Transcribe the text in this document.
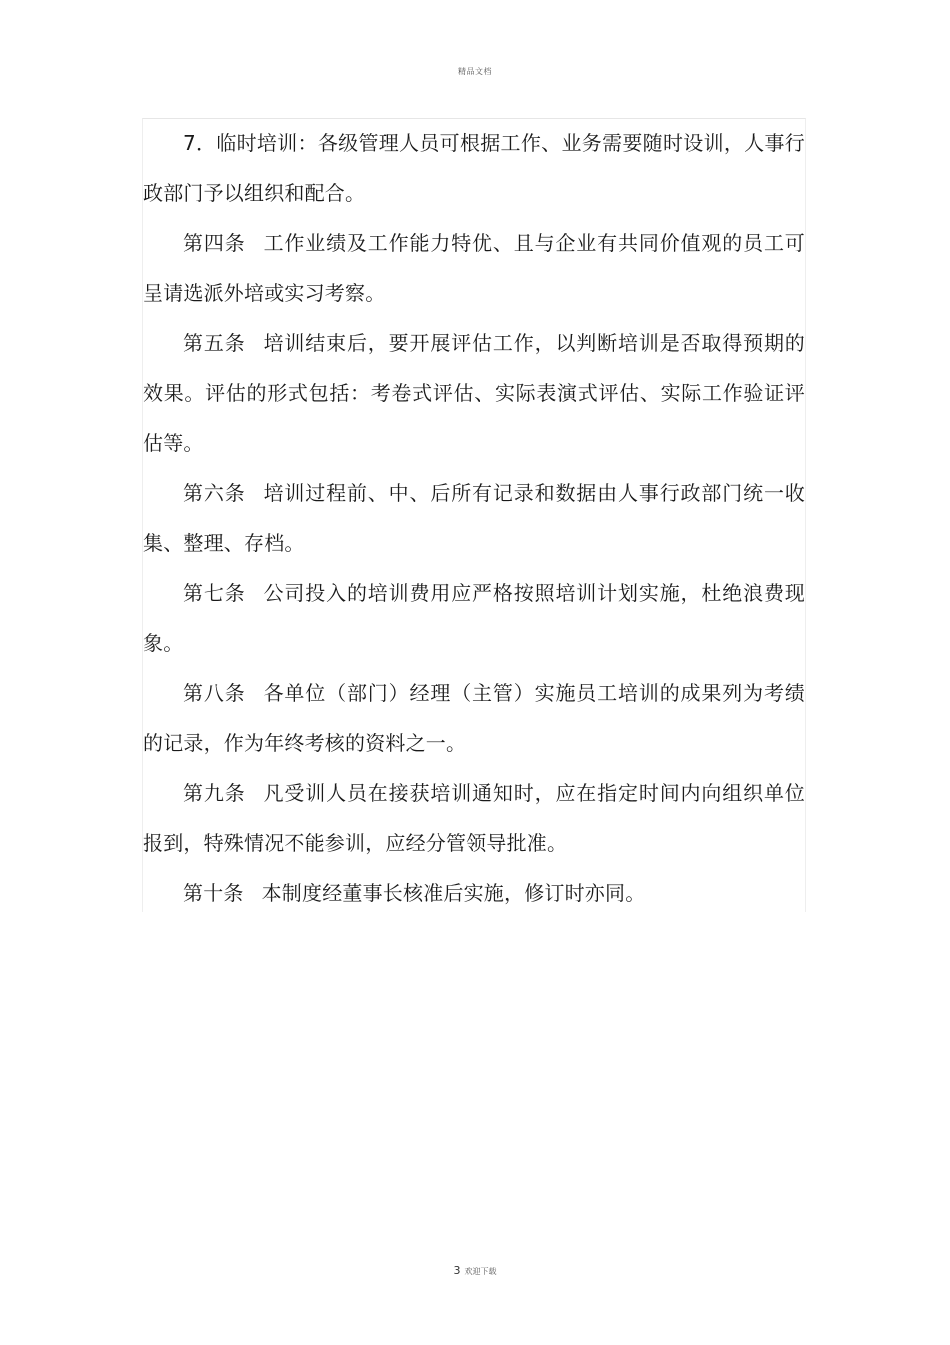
精品文档

7．临时培训：各级管理人员可根据工作、业务需要随时设训，人事行政部门予以组织和配合。

第四条 工作业绩及工作能力特优、且与企业有共同价值观的员工可呈请选派外培或实习考察。

第五条 培训结束后，要开展评估工作，以判断培训是否取得预期的效果。评估的形式包括：考卷式评估、实际表演式评估、实际工作验证评估等。

第六条 培训过程前、中、后所有记录和数据由人事行政部门统一收集、整理、存档。

第七条 公司投入的培训费用应严格按照培训计划实施，杜绝浪费现象。

第八条 各单位（部门）经理（主管）实施员工培训的成果列为考绩的记录，作为年终考核的资料之一。

第九条 凡受训人员在接获培训通知时，应在指定时间内向组织单位报到，特殊情况不能参训，应经分管领导批准。

第十条 本制度经董事长核准后实施，修订时亦同。

3 欢迎下载
